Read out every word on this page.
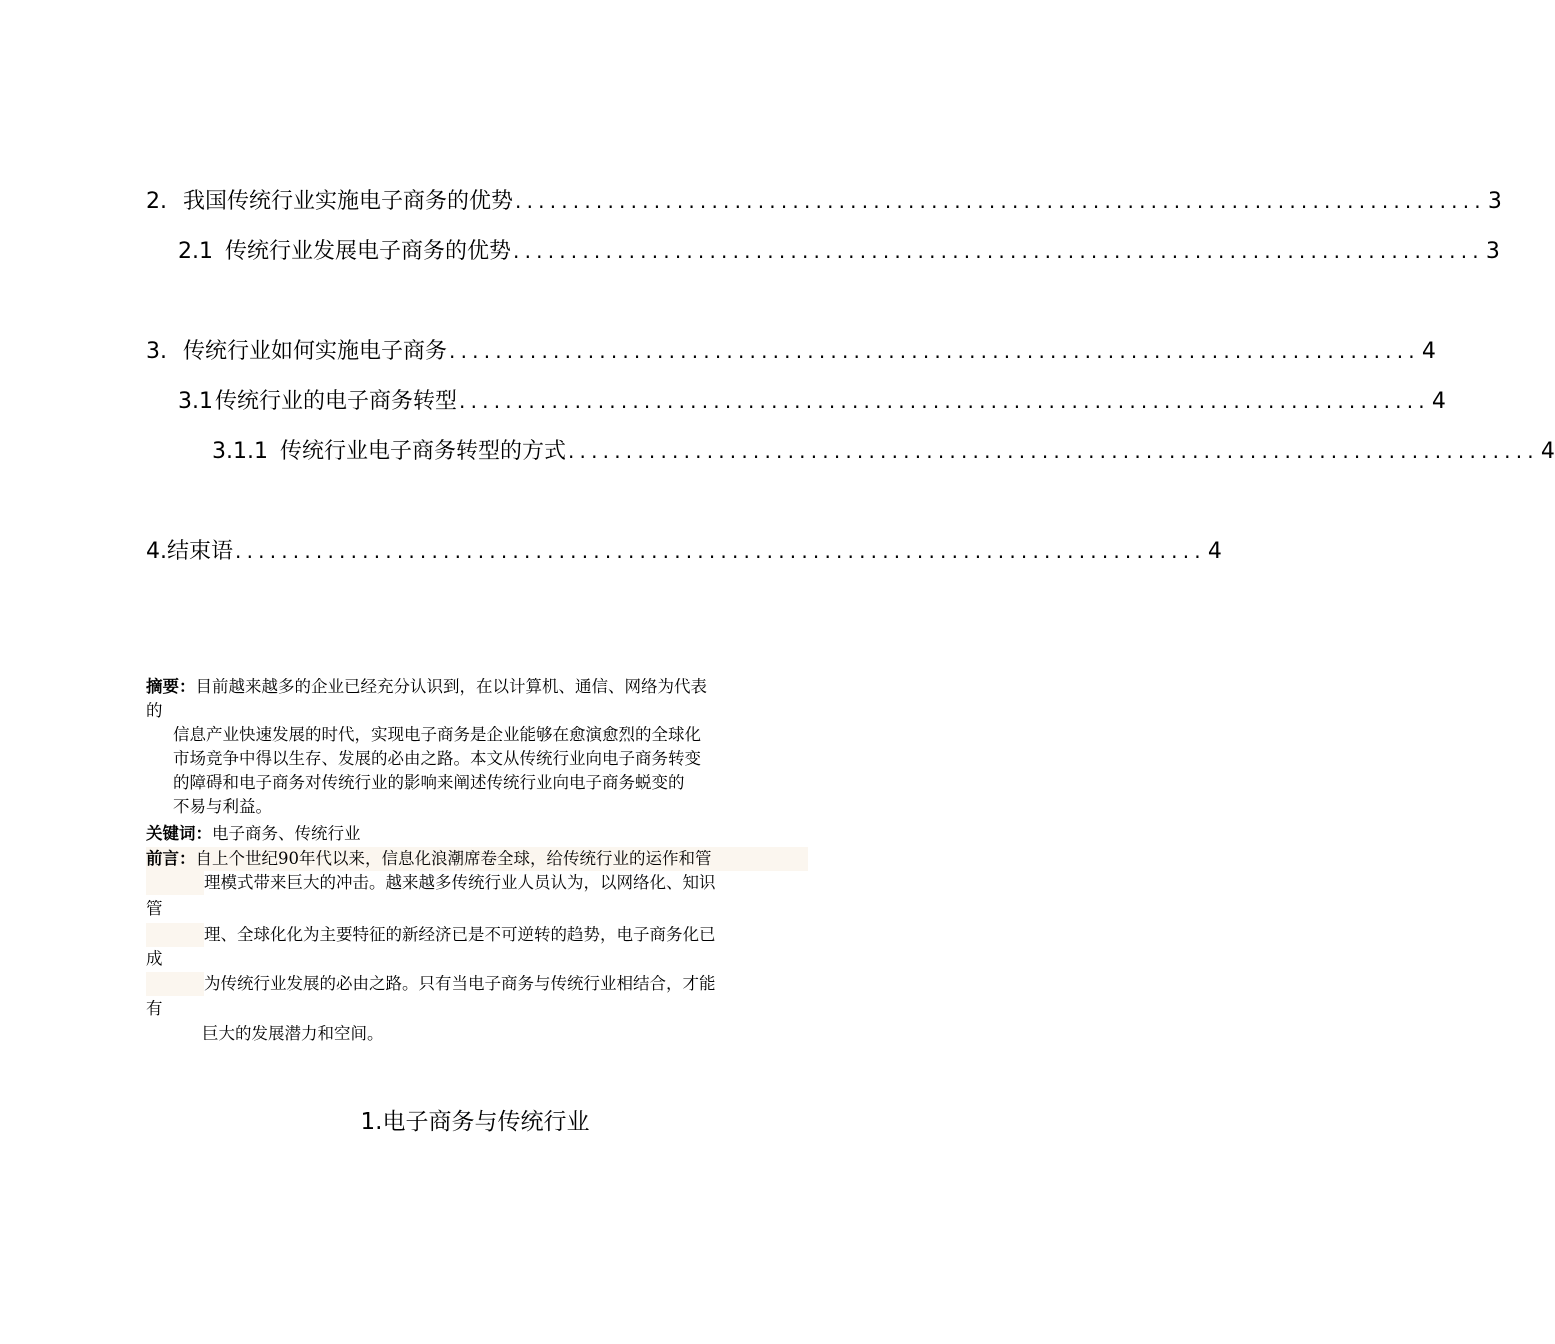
2. 我国传统行业实施电子商务的优势 .................................................................................... 3
2.1 传统行业发展电子商务的优势 .................................................................................... 3
3. 传统行业如何实施电子商务 .................................................................................... 4
3.1 传统行业的电子商务转型 .................................................................................... 4
3.1.1 传统行业电子商务转型的方式 .................................................................................... 4
4. 结束语 .................................................................................... 4
摘要：目前越来越多的企业已经充分认识到，在以计算机、通信、网络为代表
的
信息产业快速发展的时代，实现电子商务是企业能够在愈演愈烈的全球化
市场竞争中得以生存、发展的必由之路。本文从传统行业向电子商务转变
的障碍和电子商务对传统行业的影响来阐述传统行业向电子商务蜕变的
不易与利益。
关键词：电子商务、传统行业
前言：自上个世纪90年代以来，信息化浪潮席卷全球，给传统行业的运作和管
理模式带来巨大的冲击。越来越多传统行业人员认为，以网络化、知识
管
理、全球化化为主要特征的新经济已是不可逆转的趋势，电子商务化已
成
为传统行业发展的必由之路。只有当电子商务与传统行业相结合，才能
有
巨大的发展潜力和空间。
1.电子商务与传统行业
